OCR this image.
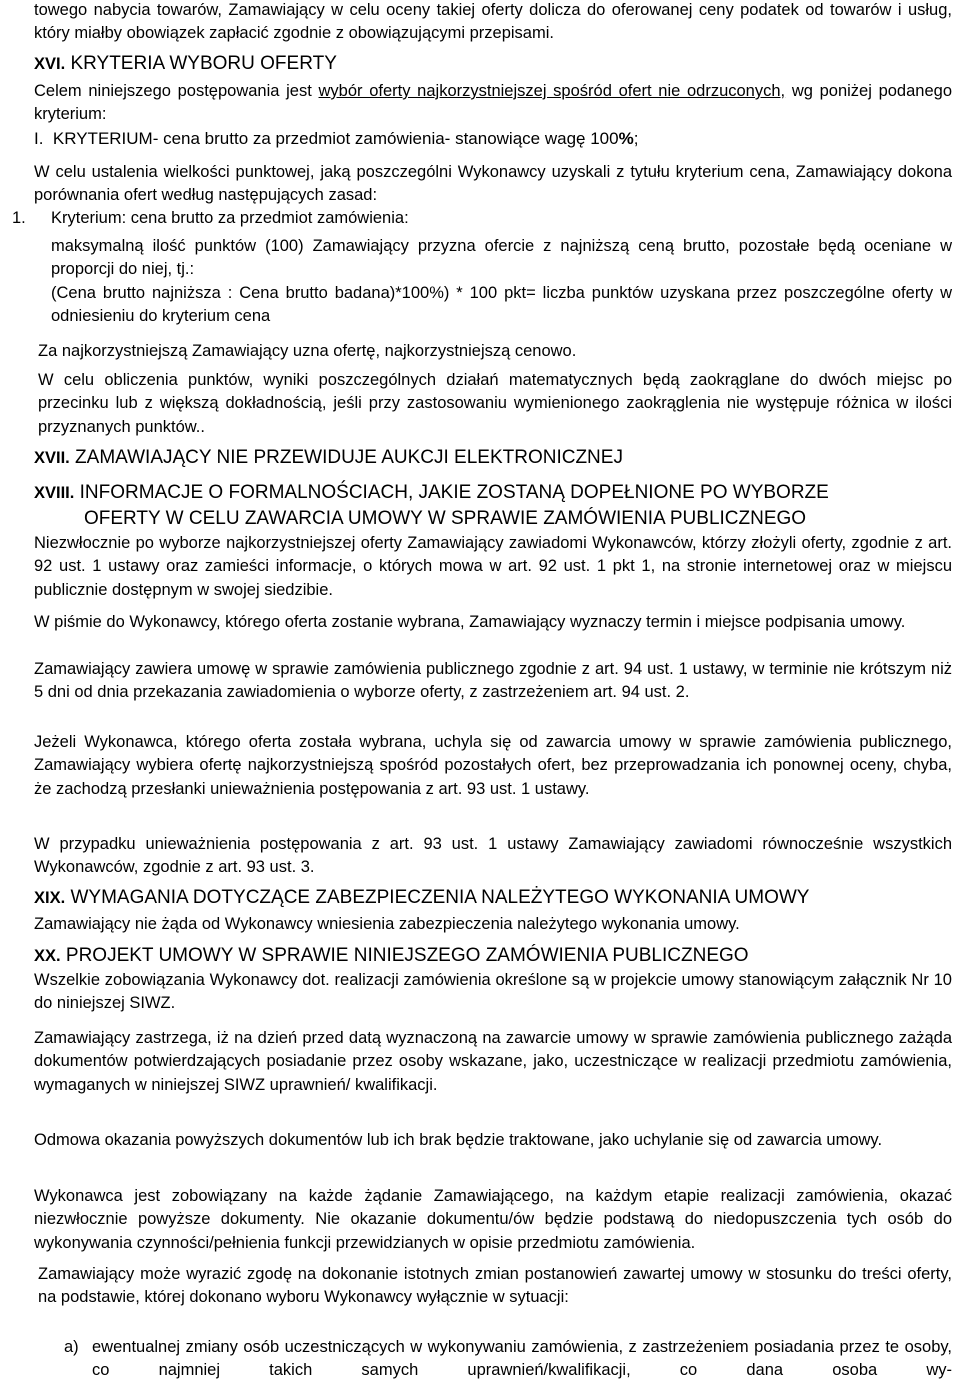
towego nabycia towarów, Zamawiający w celu oceny takiej oferty dolicza do oferowanej ceny podatek od towarów i usług, który miałby obowiązek zapłacić zgodnie z obowiązującymi przepisami.

XVI. KRYTERIA WYBORU OFERTY

Celem niniejszego postępowania jest wybór oferty najkorzystniejszej spośród ofert nie odrzuconych, wg poniżej podanego kryterium:

I. KRYTERIUM- cena brutto za przedmiot zamówienia- stanowiące wagę 100%;

W celu ustalenia wielkości punktowej, jaką poszczególni Wykonawcy uzyskali z tytułu kryterium cena, Zamawiający dokona porównania ofert według następujących zasad:

1. Kryterium: cena brutto za przedmiot zamówienia:

maksymalną ilość punktów (100) Zamawiający przyzna ofercie z najniższą ceną brutto, pozostałe będą oceniane w proporcji do niej, tj.:

(Cena brutto najniższa : Cena brutto badana)*100%) * 100 pkt= liczba punktów uzyskana przez poszczególne oferty w odniesieniu do kryterium cena

Za najkorzystniejszą Zamawiający uzna ofertę, najkorzystniejszą cenowo.

W celu obliczenia punktów, wyniki poszczególnych działań matematycznych będą zaokrąglane do dwóch miejsc po przecinku lub z większą dokładnością, jeśli przy zastosowaniu wymienionego zaokrąglenia nie występuje różnica w ilości przyznanych punktów..

XVII. ZAMAWIAJĄCY NIE PRZEWIDUJE AUKCJI ELEKTRONICZNEJ
XVIII. INFORMACJE O FORMALNOŚCIACH, JAKIE ZOSTANĄ DOPEŁNIONE PO WYBORZE
OFERTY W CELU ZAWARCIA UMOWY W SPRAWIE ZAMÓWIENIA PUBLICZNEGO

Niezwłocznie po wyborze najkorzystniejszej oferty Zamawiający zawiadomi Wykonawców, którzy złożyli oferty, zgodnie z art. 92 ust. 1 ustawy oraz zamieści informacje, o których mowa w art. 92 ust. 1 pkt 1, na stronie internetowej oraz w miejscu publicznie dostępnym w swojej siedzibie.

W piśmie do Wykonawcy, którego oferta zostanie wybrana, Zamawiający wyznaczy termin i miejsce podpisania umowy.

Zamawiający zawiera umowę w sprawie zamówienia publicznego zgodnie z art. 94 ust. 1 ustawy, w terminie nie krótszym niż 5 dni od dnia przekazania zawiadomienia o wyborze oferty, z zastrzeżeniem art. 94 ust. 2.

Jeżeli Wykonawca, którego oferta została wybrana, uchyla się od zawarcia umowy w sprawie zamówienia publicznego, Zamawiający wybiera ofertę najkorzystniejszą spośród pozostałych ofert, bez przeprowadzania ich ponownej oceny, chyba, że zachodzą przesłanki unieważnienia postępowania z art. 93 ust. 1 ustawy.

W przypadku unieważnienia postępowania z art. 93 ust. 1 ustawy Zamawiający zawiadomi równocześnie wszystkich Wykonawców, zgodnie z art. 93 ust. 3.

XIX. WYMAGANIA DOTYCZĄCE ZABEZPIECZENIA NALEŻYTEGO WYKONANIA UMOWY

Zamawiający nie żąda od Wykonawcy wniesienia zabezpieczenia należytego wykonania umowy.

XX. PROJEKT UMOWY W SPRAWIE NINIEJSZEGO ZAMÓWIENIA PUBLICZNEGO

Wszelkie zobowiązania Wykonawcy dot. realizacji zamówienia określone są w projekcie umowy stanowiącym załącznik Nr 10 do niniejszej SIWZ.

Zamawiający zastrzega, iż na dzień przed datą wyznaczoną na zawarcie umowy w sprawie zamówienia publicznego zażąda dokumentów potwierdzających posiadanie przez osoby wskazane, jako, uczestniczące w realizacji przedmiotu zamówienia, wymaganych w niniejszej SIWZ uprawnień/ kwalifikacji.

Odmowa okazania powyższych dokumentów lub ich brak będzie traktowane, jako uchylanie się od zawarcia umowy.

Wykonawca jest zobowiązany na każde żądanie Zamawiającego, na każdym etapie realizacji zamówienia, okazać niezwłocznie powyższe dokumenty. Nie okazanie dokumentu/ów będzie podstawą do niedopuszczenia tych osób do wykonywania czynności/pełnienia funkcji przewidzianych w opisie przedmiotu zamówienia.

Zamawiający może wyrazić zgodę na dokonanie istotnych zmian postanowień zawartej umowy w stosunku do treści oferty, na podstawie, której dokonano wyboru Wykonawcy wyłącznie w sytuacji:

a) ewentualnej zmiany osób uczestniczących w wykonywaniu zamówienia, z zastrzeżeniem posiadania przez te osoby, co najmniej takich samych uprawnień/kwalifikacji, co dana osoba wy-
